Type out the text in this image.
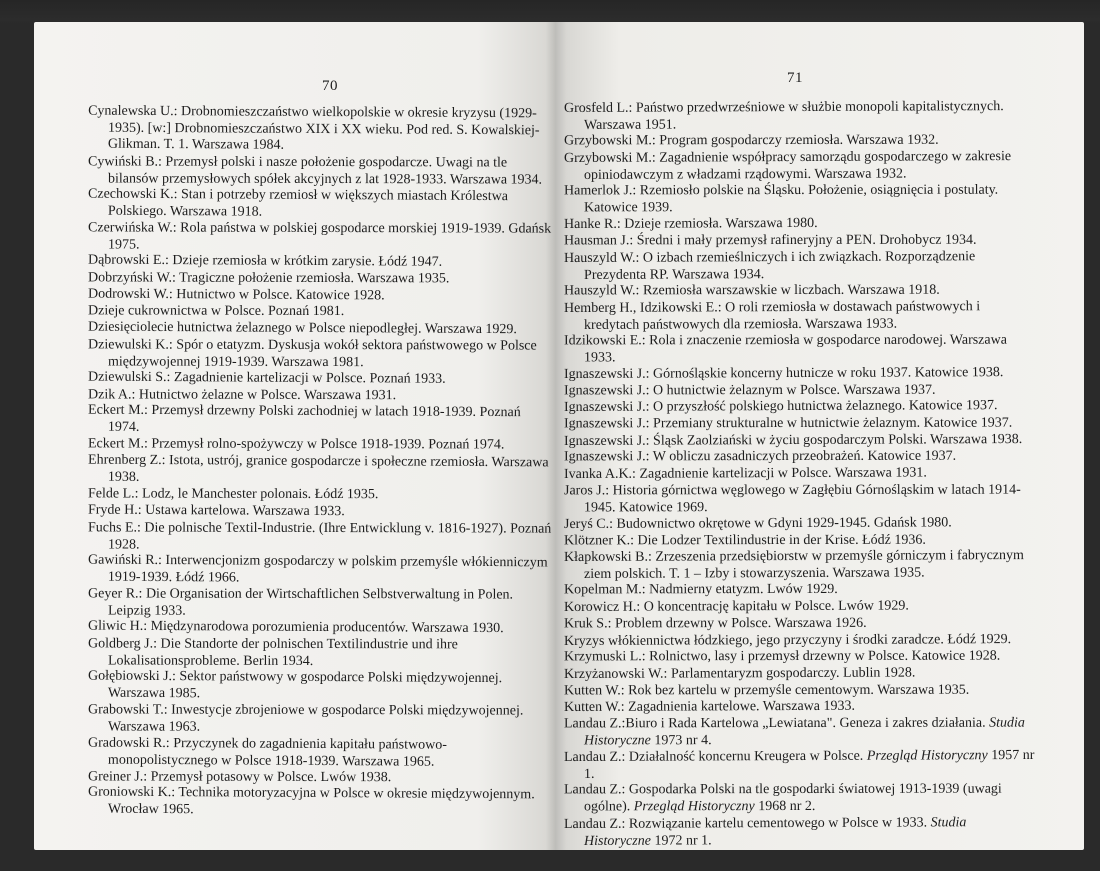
70
Cynalewska U.: Drobnomieszczaństwo wielkopolskie w okresie kryzysu (1929-1935). [w:] Drobnomieszczaństwo XIX i XX wieku. Pod red. S. Kowalskiej-Glikman. T. 1. Warszawa 1984.
Cywiński B.: Przemysł polski i nasze położenie gospodarcze. Uwagi na tle bilansów przemysłowych spółek akcyjnych z lat 1928-1933. Warszawa 1934.
Czechowski K.: Stan i potrzeby rzemiosł w większych miastach Królestwa Polskiego. Warszawa 1918.
Czerwińska W.: Rola państwa w polskiej gospodarce morskiej 1919-1939. Gdańsk 1975.
Dąbrowski E.: Dzieje rzemiosła w krótkim zarysie. Łódź 1947.
Dobrzyński W.: Tragiczne położenie rzemiosła. Warszawa 1935.
Dodrowski W.: Hutnictwo w Polsce. Katowice 1928.
Dzieje cukrownictwa w Polsce. Poznań 1981.
Dziesięciolecie hutnictwa żelaznego w Polsce niepodległej. Warszawa 1929.
Dziewulski K.: Spór o etatyzm. Dyskusja wokół sektora państwowego w Polsce międzywojennej 1919-1939. Warszawa 1981.
Dziewulski S.: Zagadnienie kartelizacji w Polsce. Poznań 1933.
Dzik A.: Hutnictwo żelazne w Polsce. Warszawa 1931.
Eckert M.: Przemysł drzewny Polski zachodniej w latach 1918-1939. Poznań 1974.
Eckert M.: Przemysł rolno-spożywczy w Polsce 1918-1939. Poznań 1974.
Ehrenberg Z.: Istota, ustrój, granice gospodarcze i społeczne rzemiosła. Warszawa 1938.
Felde L.: Lodz, le Manchester polonais. Łódź 1935.
Fryde H.: Ustawa kartelowa. Warszawa 1933.
Fuchs E.: Die polnische Textil-Industrie. (Ihre Entwicklung v. 1816-1927). Poznań 1928.
Gawiński R.: Interwencjonizm gospodarczy w polskim przemyśle włókienniczym 1919-1939. Łódź 1966.
Geyer R.: Die Organisation der Wirtschaftlichen Selbstverwaltung in Polen. Leipzig 1933.
Gliwic H.: Międzynarodowa porozumienia producentów. Warszawa 1930.
Goldberg J.: Die Standorte der polnischen Textilindustrie und ihre Lokalisationsprobleme. Berlin 1934.
Gołębiowski J.: Sektor państwowy w gospodarce Polski międzywojennej. Warszawa 1985.
Grabowski T.: Inwestycje zbrojeniowe w gospodarce Polski międzywojennej. Warszawa 1963.
Gradowski R.: Przyczynek do zagadnienia kapitału państwowo-monopolistycznego w Polsce 1918-1939. Warszawa 1965.
Greiner J.: Przemysł potasowy w Polsce. Lwów 1938.
Groniowski K.: Technika motoryzacyjna w Polsce w okresie międzywojennym. Wrocław 1965.
71
Grosfeld L.: Państwo przedwrześniowe w służbie monopoli kapitalistycznych. Warszawa 1951.
Grzybowski M.: Program gospodarczy rzemiosła. Warszawa 1932.
Grzybowski M.: Zagadnienie współpracy samorządu gospodarczego w zakresie opiniodawczym z władzami rządowymi. Warszawa 1932.
Hamerlok J.: Rzemiosło polskie na Śląsku. Położenie, osiągnięcia i postulaty. Katowice 1939.
Hanke R.: Dzieje rzemiosła. Warszawa 1980.
Hausman J.: Średni i mały przemysł rafineryjny a PEN. Drohobycz 1934.
Hauszyld W.: O izbach rzemieślniczych i ich związkach. Rozporządzenie Prezydenta RP. Warszawa 1934.
Hauszyld W.: Rzemiosła warszawskie w liczbach. Warszawa 1918.
Hemberg H., Idzikowski E.: O roli rzemiosła w dostawach państwowych i kredytach państwowych dla rzemiosła. Warszawa 1933.
Idzikowski E.: Rola i znaczenie rzemiosła w gospodarce narodowej. Warszawa 1933.
Ignaszewski J.: Górnośląskie koncerny hutnicze w roku 1937. Katowice 1938.
Ignaszewski J.: O hutnictwie żelaznym w Polsce. Warszawa 1937.
Ignaszewski J.: O przyszłość polskiego hutnictwa żelaznego. Katowice 1937.
Ignaszewski J.: Przemiany strukturalne w hutnictwie żelaznym. Katowice 1937.
Ignaszewski J.: Śląsk Zaolziański w życiu gospodarczym Polski. Warszawa 1938.
Ignaszewski J.: W obliczu zasadniczych przeobrażeń. Katowice 1937.
Ivanka A.K.: Zagadnienie kartelizacji w Polsce. Warszawa 1931.
Jaros J.: Historia górnictwa węglowego w Zagłębiu Górnośląskim w latach 1914-1945. Katowice 1969.
Jeryś C.: Budownictwo okrętowe w Gdyni 1929-1945. Gdańsk 1980.
Klötzner K.: Die Lodzer Textilindustrie in der Krise. Łódź 1936.
Kłapkowski B.: Zrzeszenia przedsiębiorstw w przemyśle górniczym i fabrycznym ziem polskich. T. 1 – Izby i stowarzyszenia. Warszawa 1935.
Kopelman M.: Nadmierny etatyzm. Lwów 1929.
Korowicz H.: O koncentrację kapitału w Polsce. Lwów 1929.
Kruk S.: Problem drzewny w Polsce. Warszawa 1926.
Kryzys włókiennictwa łódzkiego, jego przyczyny i środki zaradcze. Łódź 1929.
Krzymuski L.: Rolnictwo, lasy i przemysł drzewny w Polsce. Katowice 1928.
Krzyżanowski W.: Parlamentaryzm gospodarczy. Lublin 1928.
Kutten W.: Rok bez kartelu w przemyśle cementowym. Warszawa 1935.
Kutten W.: Zagadnienia kartelowe. Warszawa 1933.
Landau Z.:Biuro i Rada Kartelowa „Lewiatana". Geneza i zakres działania. Studia Historyczne 1973 nr 4.
Landau Z.: Działalność koncernu Kreugera w Polsce. Przegląd Historyczny 1957 nr 1.
Landau Z.: Gospodarka Polski na tle gospodarki światowej 1913-1939 (uwagi ogólne). Przegląd Historyczny 1968 nr 2.
Landau Z.: Rozwiązanie kartelu cementowego w Polsce w 1933. Studia Historyczne 1972 nr 1.
